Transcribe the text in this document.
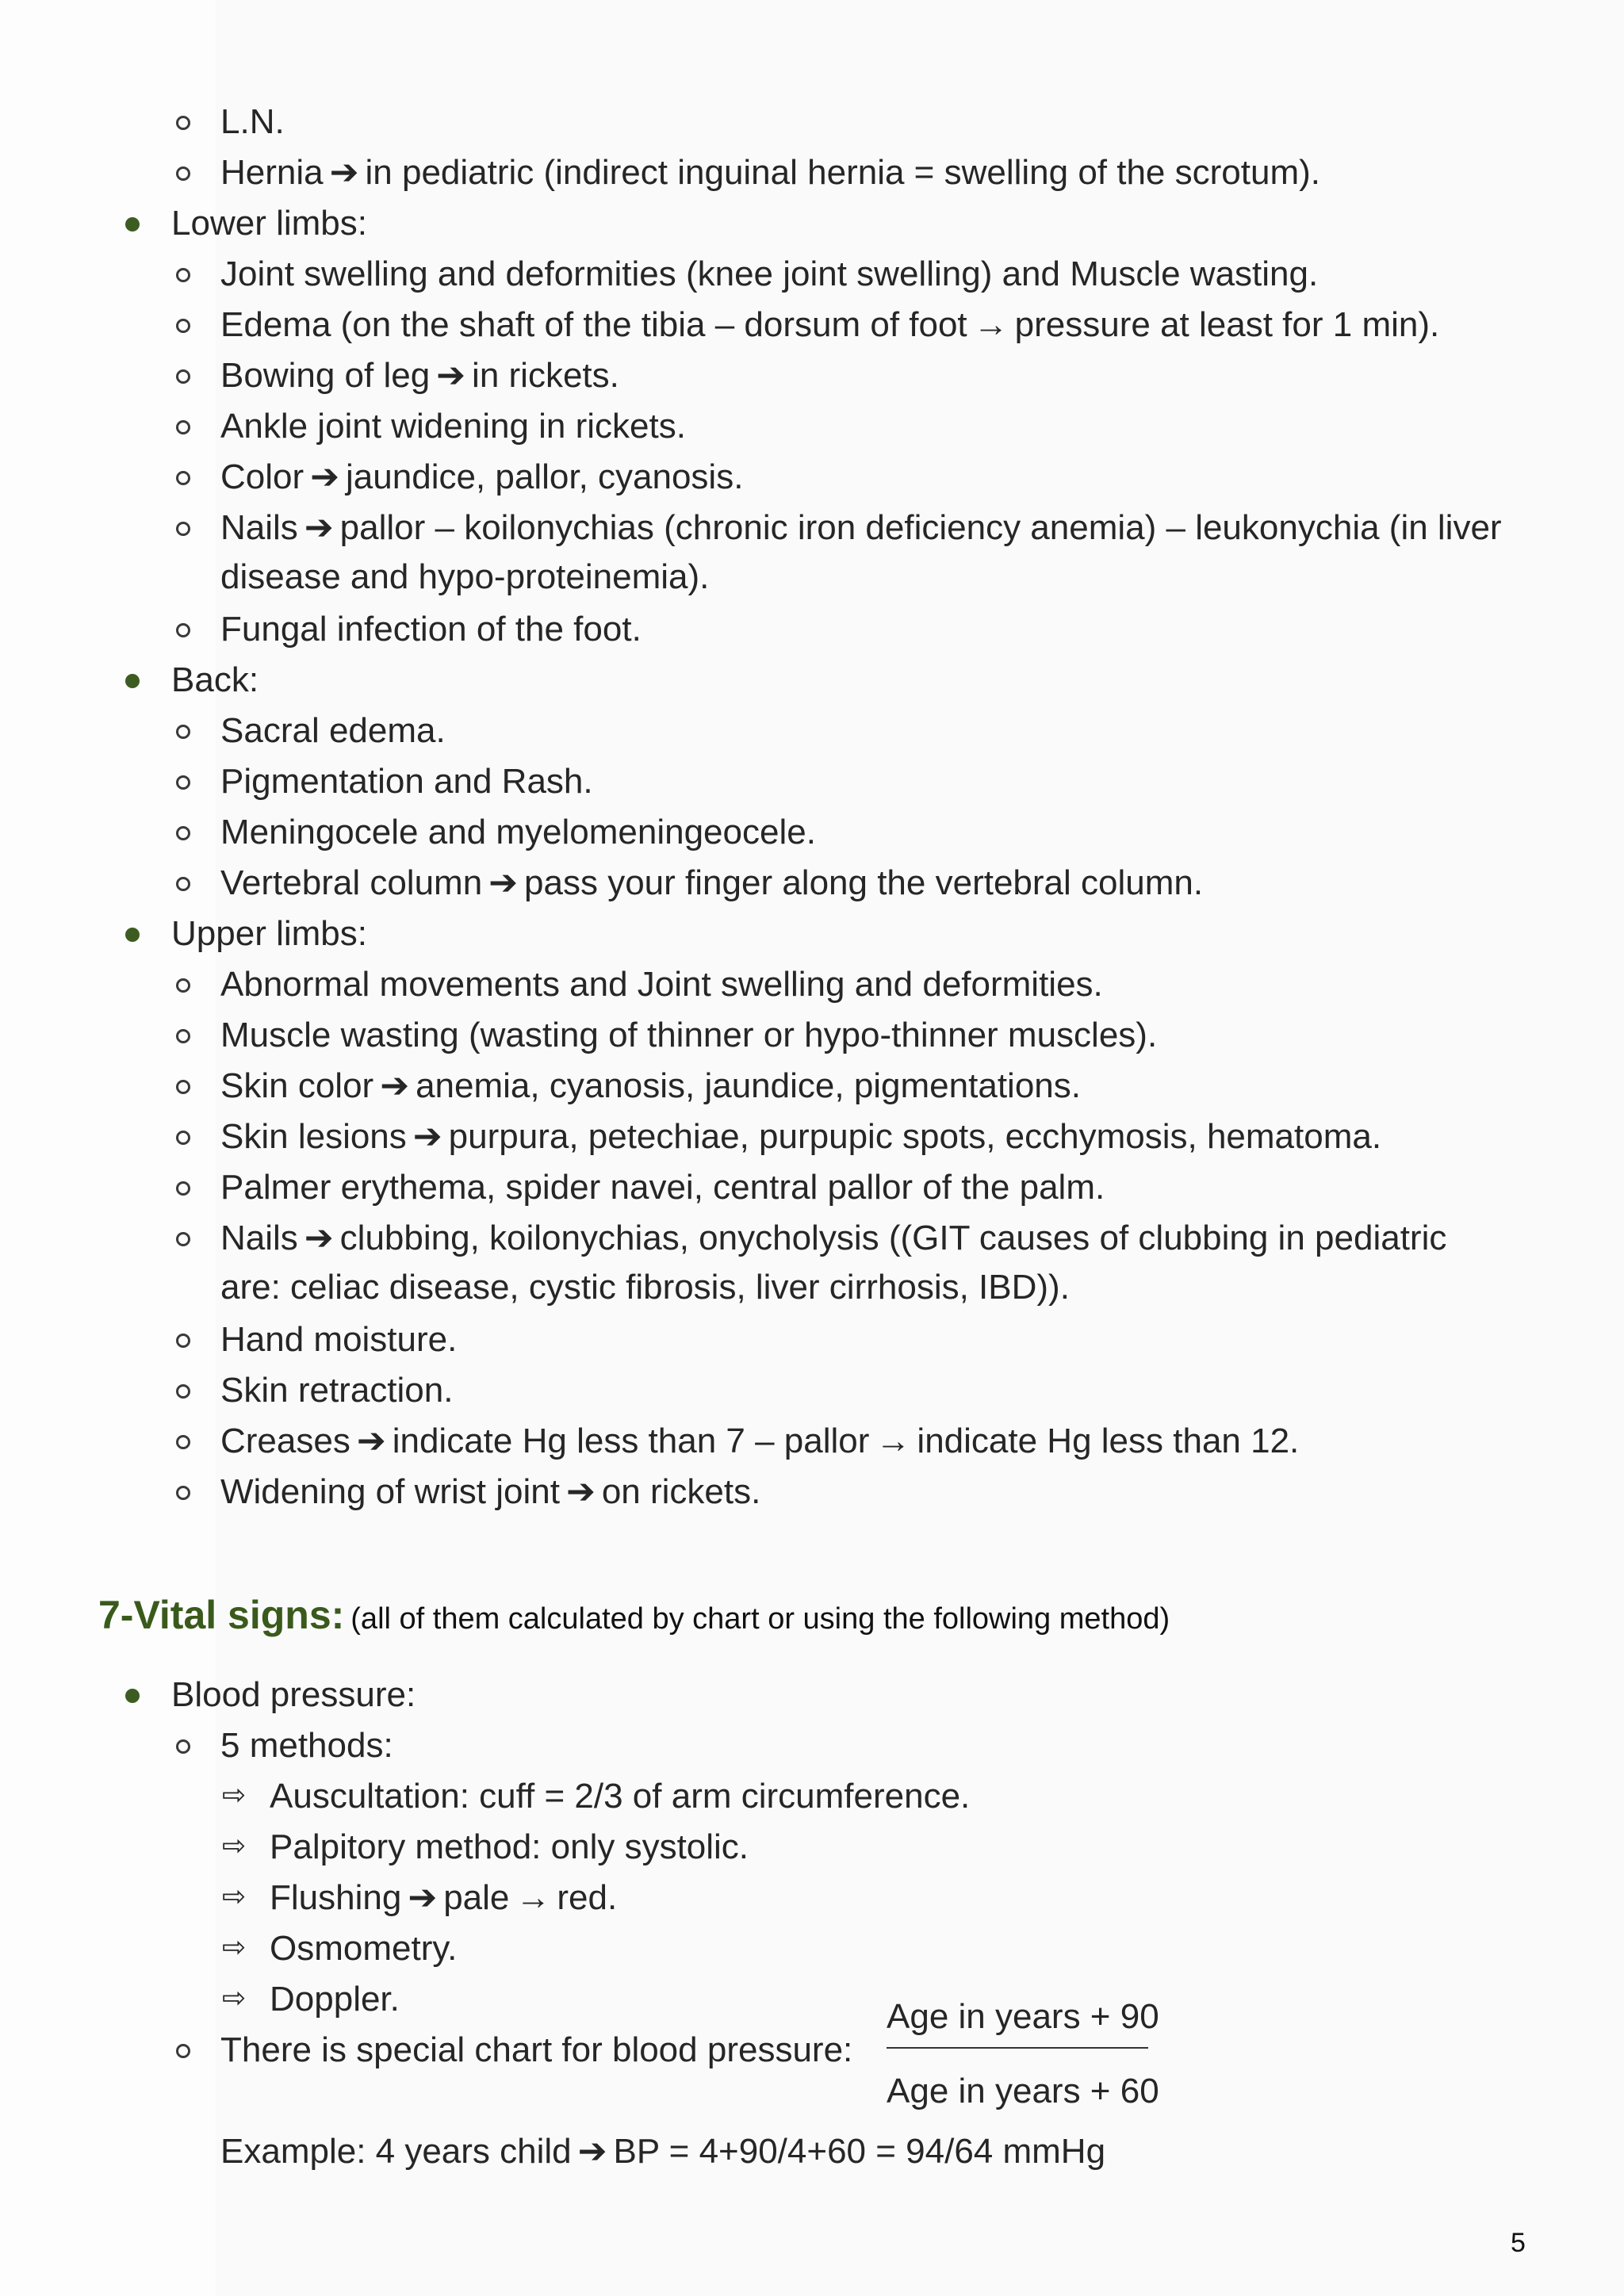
L.N.
Hernia ➔ in pediatric (indirect inguinal hernia = swelling of the scrotum).
Lower limbs:
Joint swelling and deformities (knee joint swelling) and Muscle wasting.
Edema (on the shaft of the tibia – dorsum of foot → pressure at least for 1 min).
Bowing of leg ➔ in rickets.
Ankle joint widening in rickets.
Color ➔ jaundice, pallor, cyanosis.
Nails ➔ pallor – koilonychias (chronic iron deficiency anemia) – leukonychia (in liver
disease and hypo-proteinemia).
Fungal infection of the foot.
Back:
Sacral edema.
Pigmentation and Rash.
Meningocele and myelomeningeocele.
Vertebral column ➔ pass your finger along the vertebral column.
Upper limbs:
Abnormal movements and Joint swelling and deformities.
Muscle wasting (wasting of thinner or hypo-thinner muscles).
Skin color ➔ anemia, cyanosis, jaundice, pigmentations.
Skin lesions ➔ purpura, petechiae, purpupic spots, ecchymosis, hematoma.
Palmer erythema, spider navei, central pallor of the palm.
Nails ➔ clubbing, koilonychias, onycholysis ((GIT causes of clubbing in pediatric
are: celiac disease, cystic fibrosis, liver cirrhosis, IBD)).
Hand moisture.
Skin retraction.
Creases ➔ indicate Hg less than 7 – pallor → indicate Hg less than 12.
Widening of wrist joint ➔ on rickets.
7-Vital signs: (all of them calculated by chart or using the following method)
Blood pressure:
5 methods:
⇨ Auscultation: cuff = 2/3 of arm circumference.
⇨ Palpitory method: only systolic.
⇨ Flushing ➔ pale → red.
⇨ Osmometry.
⇨ Doppler.
There is special chart for blood pressure:
Age in years + 90
Age in years + 60
Example: 4 years child ➔ BP = 4+90/4+60 = 94/64 mmHg
5
